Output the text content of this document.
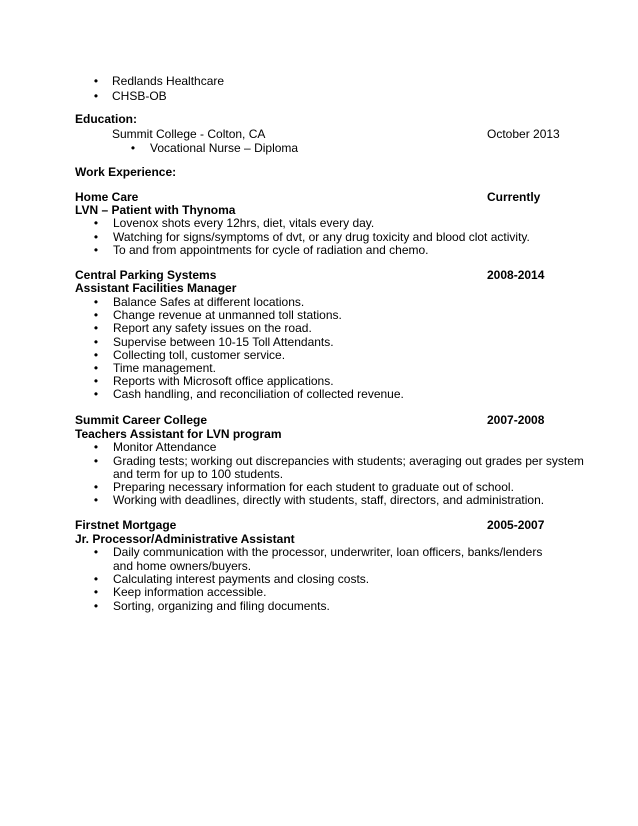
• Redlands Healthcare
• CHSB-OB
Education:
Summit College - Colton, CA	October 2013
• Vocational Nurse – Diploma
Work Experience:
Home Care	Currently
LVN – Patient with Thynoma
• Lovenox shots every 12hrs, diet, vitals every day.
• Watching for signs/symptoms of dvt, or any drug toxicity and blood clot activity.
• To and from appointments for cycle of radiation and chemo.
Central Parking Systems	2008-2014
Assistant Facilities Manager
• Balance Safes at different locations.
• Change revenue at unmanned toll stations.
• Report any safety issues on the road.
• Supervise between 10-15 Toll Attendants.
• Collecting toll, customer service.
• Time management.
• Reports with Microsoft office applications.
• Cash handling, and reconciliation of collected revenue.
Summit Career College	2007-2008
Teachers Assistant for LVN program
• Monitor Attendance
• Grading tests; working out discrepancies with students; averaging out grades per system
and term for up to 100 students.
• Preparing necessary information for each student to graduate out of school.
• Working with deadlines, directly with students, staff, directors, and administration.
Firstnet Mortgage	2005-2007
Jr. Processor/Administrative Assistant
• Daily communication with the processor, underwriter, loan officers, banks/lenders
and home owners/buyers.
• Calculating interest payments and closing costs.
• Keep information accessible.
• Sorting, organizing and filing documents.
